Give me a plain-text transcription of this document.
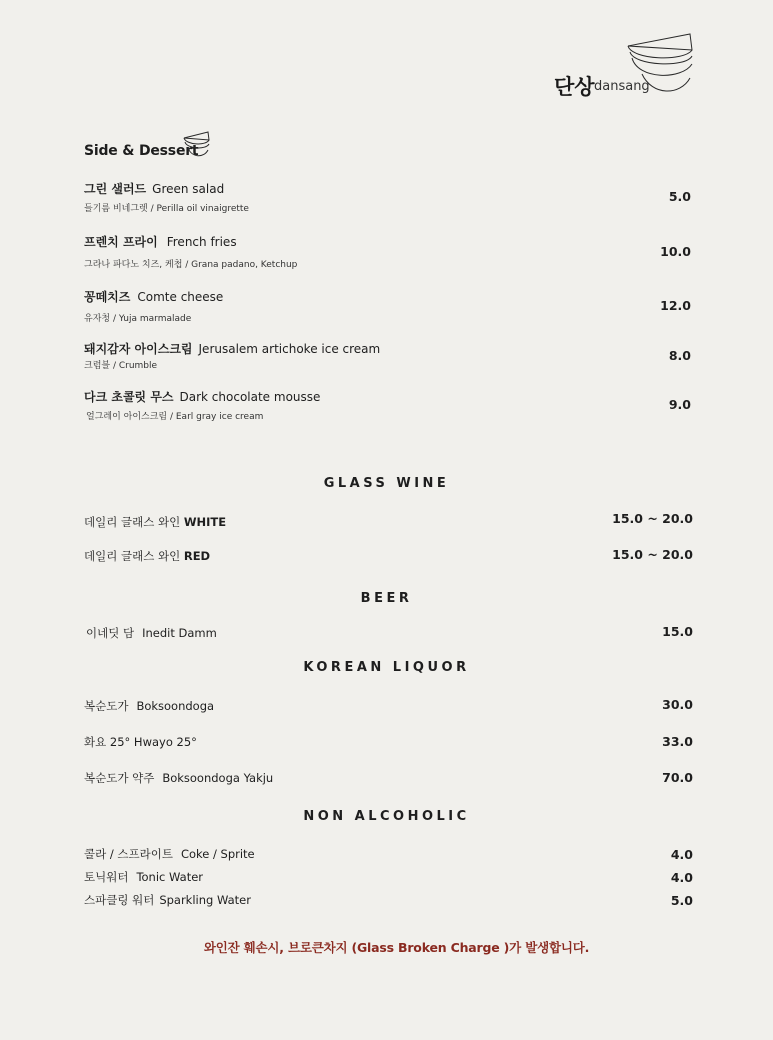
단상 dansang
Side & Dessert
그린 샐러드 Green salad
들기름 비네그렛 / Perilla oil vinaigrette
5.0
프렌치 프라이 French fries
그라나 파다노 치즈, 케첩 / Grana padano, Ketchup
10.0
꽁떼치즈 Comte cheese
유자청 / Yuja marmalade
12.0
돼지감자 아이스크림 Jerusalem artichoke ice cream
크럼블 / Crumble
8.0
다크 초콜릿 무스 Dark chocolate mousse
얼그레이 아이스크림 / Earl gray ice cream
9.0
GLASS WINE
데일리 글래스 와인 WHITE	15.0 ~ 20.0
데일리 글래스 와인 RED	15.0 ~ 20.0
BEER
이네딧 담 Inedit Damm	15.0
KOREAN LIQUOR
복순도가 Boksoondoga	30.0
화요 25° Hwayo 25°	33.0
복순도가 약주 Boksoondoga Yakju	70.0
NON ALCOHOLIC
콜라 / 스프라이트 Coke / Sprite	4.0
토닉워터 Tonic Water	4.0
스파클링 워터 Sparkling Water	5.0
와인잔 훼손시, 브로큰차지 (Glass Broken Charge )가 발생합니다.
